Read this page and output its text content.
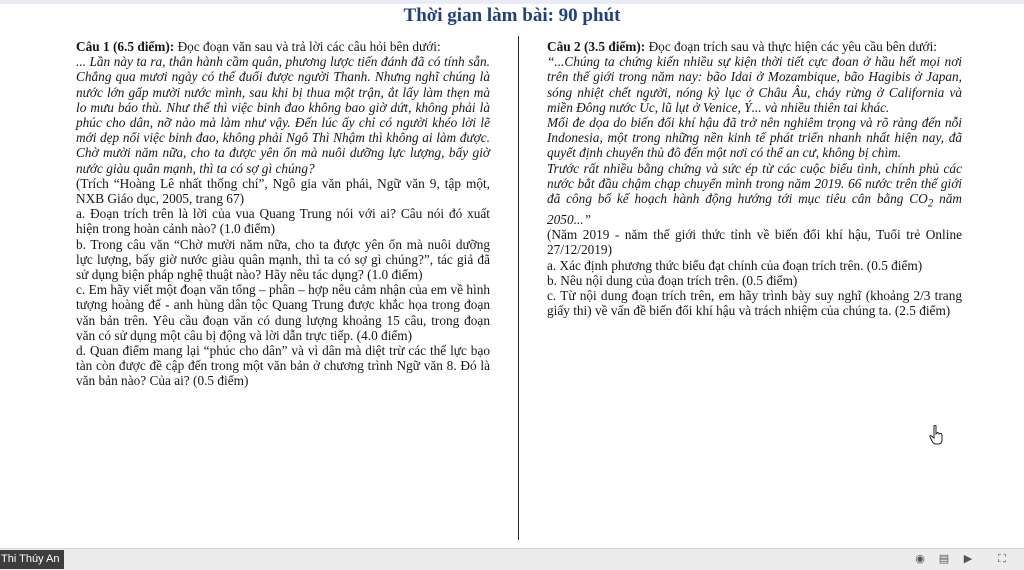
Thời gian làm bài: 90 phút

Câu 1 (6.5 điểm): Đọc đoạn văn sau và trả lời các câu hỏi bên dưới:

... Lần này ta ra, thân hành cầm quân, phương lược tiến đánh đã có tính sẵn. Chẳng qua mươi ngày có thể đuổi được người Thanh. Nhưng nghĩ chúng là nước lớn gấp mười nước mình, sau khi bị thua một trận, ắt lấy làm thẹn mà lo mưu báo thù. Như thế thì việc binh đao không bao giờ dứt, không phải là phúc cho dân, nỡ nào mà làm như vậy. Đến lúc ấy chỉ có người khéo lời lẽ mới dẹp nổi việc binh đao, không phải Ngô Thì Nhậm thì không ai làm được. Chờ mười năm nữa, cho ta được yên ổn mà nuôi dưỡng lực lượng, bấy giờ nước giàu quân mạnh, thì ta có sợ gì chúng?

(Trích “Hoàng Lê nhất thống chí”, Ngô gia văn phái, Ngữ văn 9, tập một, NXB Giáo dục, 2005, trang 67)

a. Đoạn trích trên là lời của vua Quang Trung nói với ai? Câu nói đó xuất hiện trong hoàn cảnh nào? (1.0 điểm)

b. Trong câu văn “Chờ mười năm nữa, cho ta được yên ổn mà nuôi dưỡng lực lượng, bấy giờ nước giàu quân mạnh, thì ta có sợ gì chúng?”, tác giả đã sử dụng biện pháp nghệ thuật nào? Hãy nêu tác dụng? (1.0 điểm)

c. Em hãy viết một đoạn văn tổng – phân – hợp nêu cảm nhận của em về hình tượng hoàng đế - anh hùng dân tộc Quang Trung được khắc họa trong đoạn văn bản trên. Yêu cầu đoạn văn có dung lượng khoảng 15 câu, trong đoạn văn có sử dụng một câu bị động và lời dẫn trực tiếp. (4.0 điểm)

d. Quan điểm mang lại “phúc cho dân” và vì dân mà diệt trừ các thế lực bạo tàn còn được đề cập đến trong một văn bản ở chương trình Ngữ văn 8. Đó là văn bản nào? Của ai? (0.5 điểm)

Câu 2 (3.5 điểm): Đọc đoạn trích sau và thực hiện các yêu cầu bên dưới:

“...Chúng ta chứng kiến nhiều sự kiện thời tiết cực đoan ở hầu hết mọi nơi trên thế giới trong năm nay: bão Idai ở Mozambique, bão Hagibis ở Japan, sóng nhiệt chết người, nóng kỷ lục ở Châu Âu, cháy rừng ở California và miền Đông nước Úc, lũ lụt ở Venice, Ý... và nhiều thiên tai khác.

Mối đe dọa do biến đổi khí hậu đã trở nên nghiêm trọng và rõ ràng đến nỗi Indonesia, một trong những nền kinh tế phát triển nhanh nhất hiện nay, đã quyết định chuyển thủ đô đến một nơi có thể an cư, không bị chìm.

Trước rất nhiều bằng chứng và sức ép từ các cuộc biểu tình, chính phủ các nước bắt đầu chậm chạp chuyển mình trong năm 2019. 66 nước trên thế giới đã công bố kế hoạch hành động hướng tới mục tiêu cân bằng $CO_2$ năm 2050...”

(Năm 2019 - năm thế giới thức tỉnh về biến đổi khí hậu, Tuổi trẻ Online 27/12/2019)

a. Xác định phương thức biểu đạt chính của đoạn trích trên. (0.5 điểm)

b. Nêu nội dung của đoạn trích trên. (0.5 điểm)

c. Từ nội dung đoạn trích trên, em hãy trình bày suy nghĩ (khoảng 2/3 trang giấy thi) về vấn đề biến đổi khí hậu và trách nhiệm của chúng ta. (2.5 điểm)

Thi Thúy An	◉ ▤ ▶ ⛶
